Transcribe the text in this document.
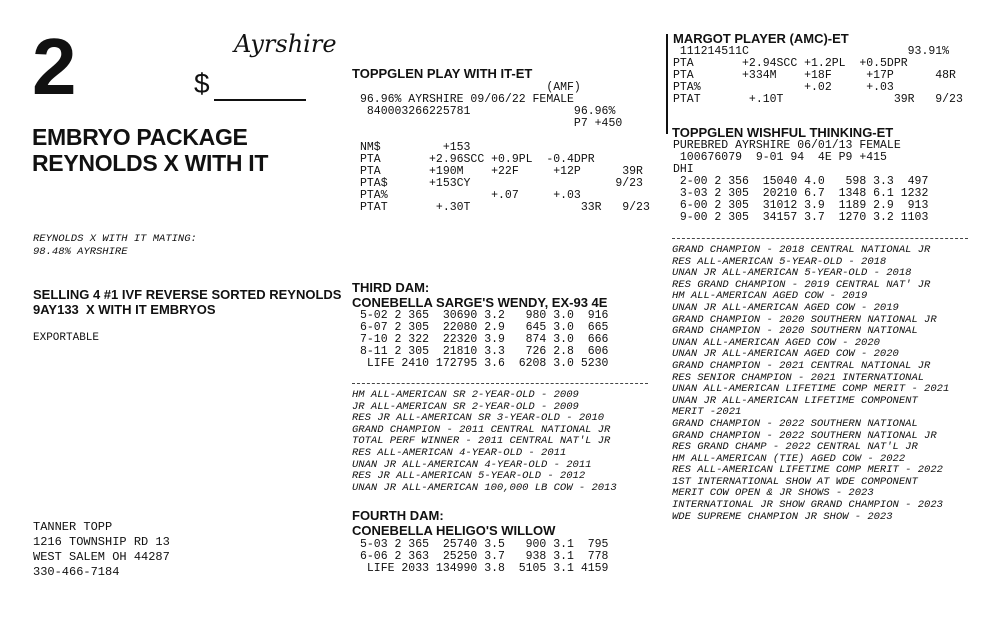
2	Ayrshire
$
EMBRYO PACKAGE
REYNOLDS X WITH IT
REYNOLDS X WITH IT MATING:
98.48% AYRSHIRE
SELLING 4 #1 IVF REVERSE SORTED REYNOLDS
9AY133  X WITH IT EMBRYOS
EXPORTABLE
TANNER TOPP
1216 TOWNSHIP RD 13
WEST SALEM OH 44287
330-466-7184
TOPPGLEN PLAY WITH IT-ET
(AMF)
96.96% AYRSHIRE 09/06/22 FEMALE
840003266225781               96.96%
P7 +450

NM$         +153
PTA       +2.96SCC +0.9PL  -0.4DPR
PTA       +190M    +22F     +12P      39R
PTA$      +153CY                     9/23
PTA%               +.07     +.03
PTAT       +.30T                33R   9/23
THIRD DAM:
CONEBELLA SARGE'S WENDY, EX-93 4E
5-02 2 365  30690 3.2   980 3.0  916
6-07 2 305  22080 2.9   645 3.0  665
7-10 2 322  22320 3.9   874 3.0  666
8-11 2 305  21810 3.3   726 2.8  606
LIFE 2410 172795 3.6  6208 3.0 5230
HM ALL-AMERICAN SR 2-YEAR-OLD - 2009
JR ALL-AMERICAN SR 2-YEAR-OLD - 2009
RES JR ALL-AMERICAN SR 3-YEAR-OLD - 2010
GRAND CHAMPION - 2011 CENTRAL NATIONAL JR
TOTAL PERF WINNER - 2011 CENTRAL NAT'L JR
RES ALL-AMERICAN 4-YEAR-OLD - 2011
UNAN JR ALL-AMERICAN 4-YEAR-OLD - 2011
RES JR ALL-AMERICAN 5-YEAR-OLD - 2012
UNAN JR ALL-AMERICAN 100,000 LB COW - 2013
FOURTH DAM:
CONEBELLA HELIGO'S WILLOW
5-03 2 365  25740 3.5   900 3.1  795
6-06 2 363  25250 3.7   938 3.1  778
LIFE 2033 134990 3.8  5105 3.1 4159
MARGOT PLAYER (AMC)-ET
111214511C                       93.91%
PTA       +2.94SCC +1.2PL  +0.5DPR
PTA       +334M    +18F     +17P      48R
PTA%               +.02     +.03
PTAT       +.10T                39R   9/23
TOPPGLEN WISHFUL THINKING-ET
PUREBRED AYRSHIRE 06/01/13 FEMALE
100676079  9-01 94  4E P9 +415
DHI
2-00 2 356  15040 4.0   598 3.3  497
3-03 2 305  20210 6.7  1348 6.1 1232
6-00 2 305  31012 3.9  1189 2.9  913
9-00 2 305  34157 3.7  1270 3.2 1103
GRAND CHAMPION - 2018 CENTRAL NATIONAL JR
RES ALL-AMERICAN 5-YEAR-OLD - 2018
UNAN JR ALL-AMERICAN 5-YEAR-OLD - 2018
RES GRAND CHAMPION - 2019 CENTRAL NAT' JR
HM ALL-AMERICAN AGED COW - 2019
UNAN JR ALL-AMERICAN AGED COW - 2019
GRAND CHAMPION - 2020 SOUTHERN NATIONAL JR
GRAND CHAMPION - 2020 SOUTHERN NATIONAL
UNAN ALL-AMERICAN AGED COW - 2020
UNAN JR ALL-AMERICAN AGED COW - 2020
GRAND CHAMPION - 2021 CENTRAL NATIONAL JR
RES SENIOR CHAMPION - 2021 INTERNATIONAL
UNAN ALL-AMERICAN LIFETIME COMP MERIT - 2021
UNAN JR ALL-AMERICAN LIFETIME COMPONENT
MERIT -2021
GRAND CHAMPION - 2022 SOUTHERN NATIONAL
GRAND CHAMPION - 2022 SOUTHERN NATIONAL JR
RES GRAND CHAMP - 2022 CENTRAL NAT'L JR
HM ALL-AMERICAN (TIE) AGED COW - 2022
RES ALL-AMERICAN LIFETIME COMP MERIT - 2022
1ST INTERNATIONAL SHOW AT WDE COMPONENT
MERIT COW OPEN & JR SHOWS - 2023
INTERNATIONAL JR SHOW GRAND CHAMPION - 2023
WDE SUPREME CHAMPION JR SHOW - 2023
